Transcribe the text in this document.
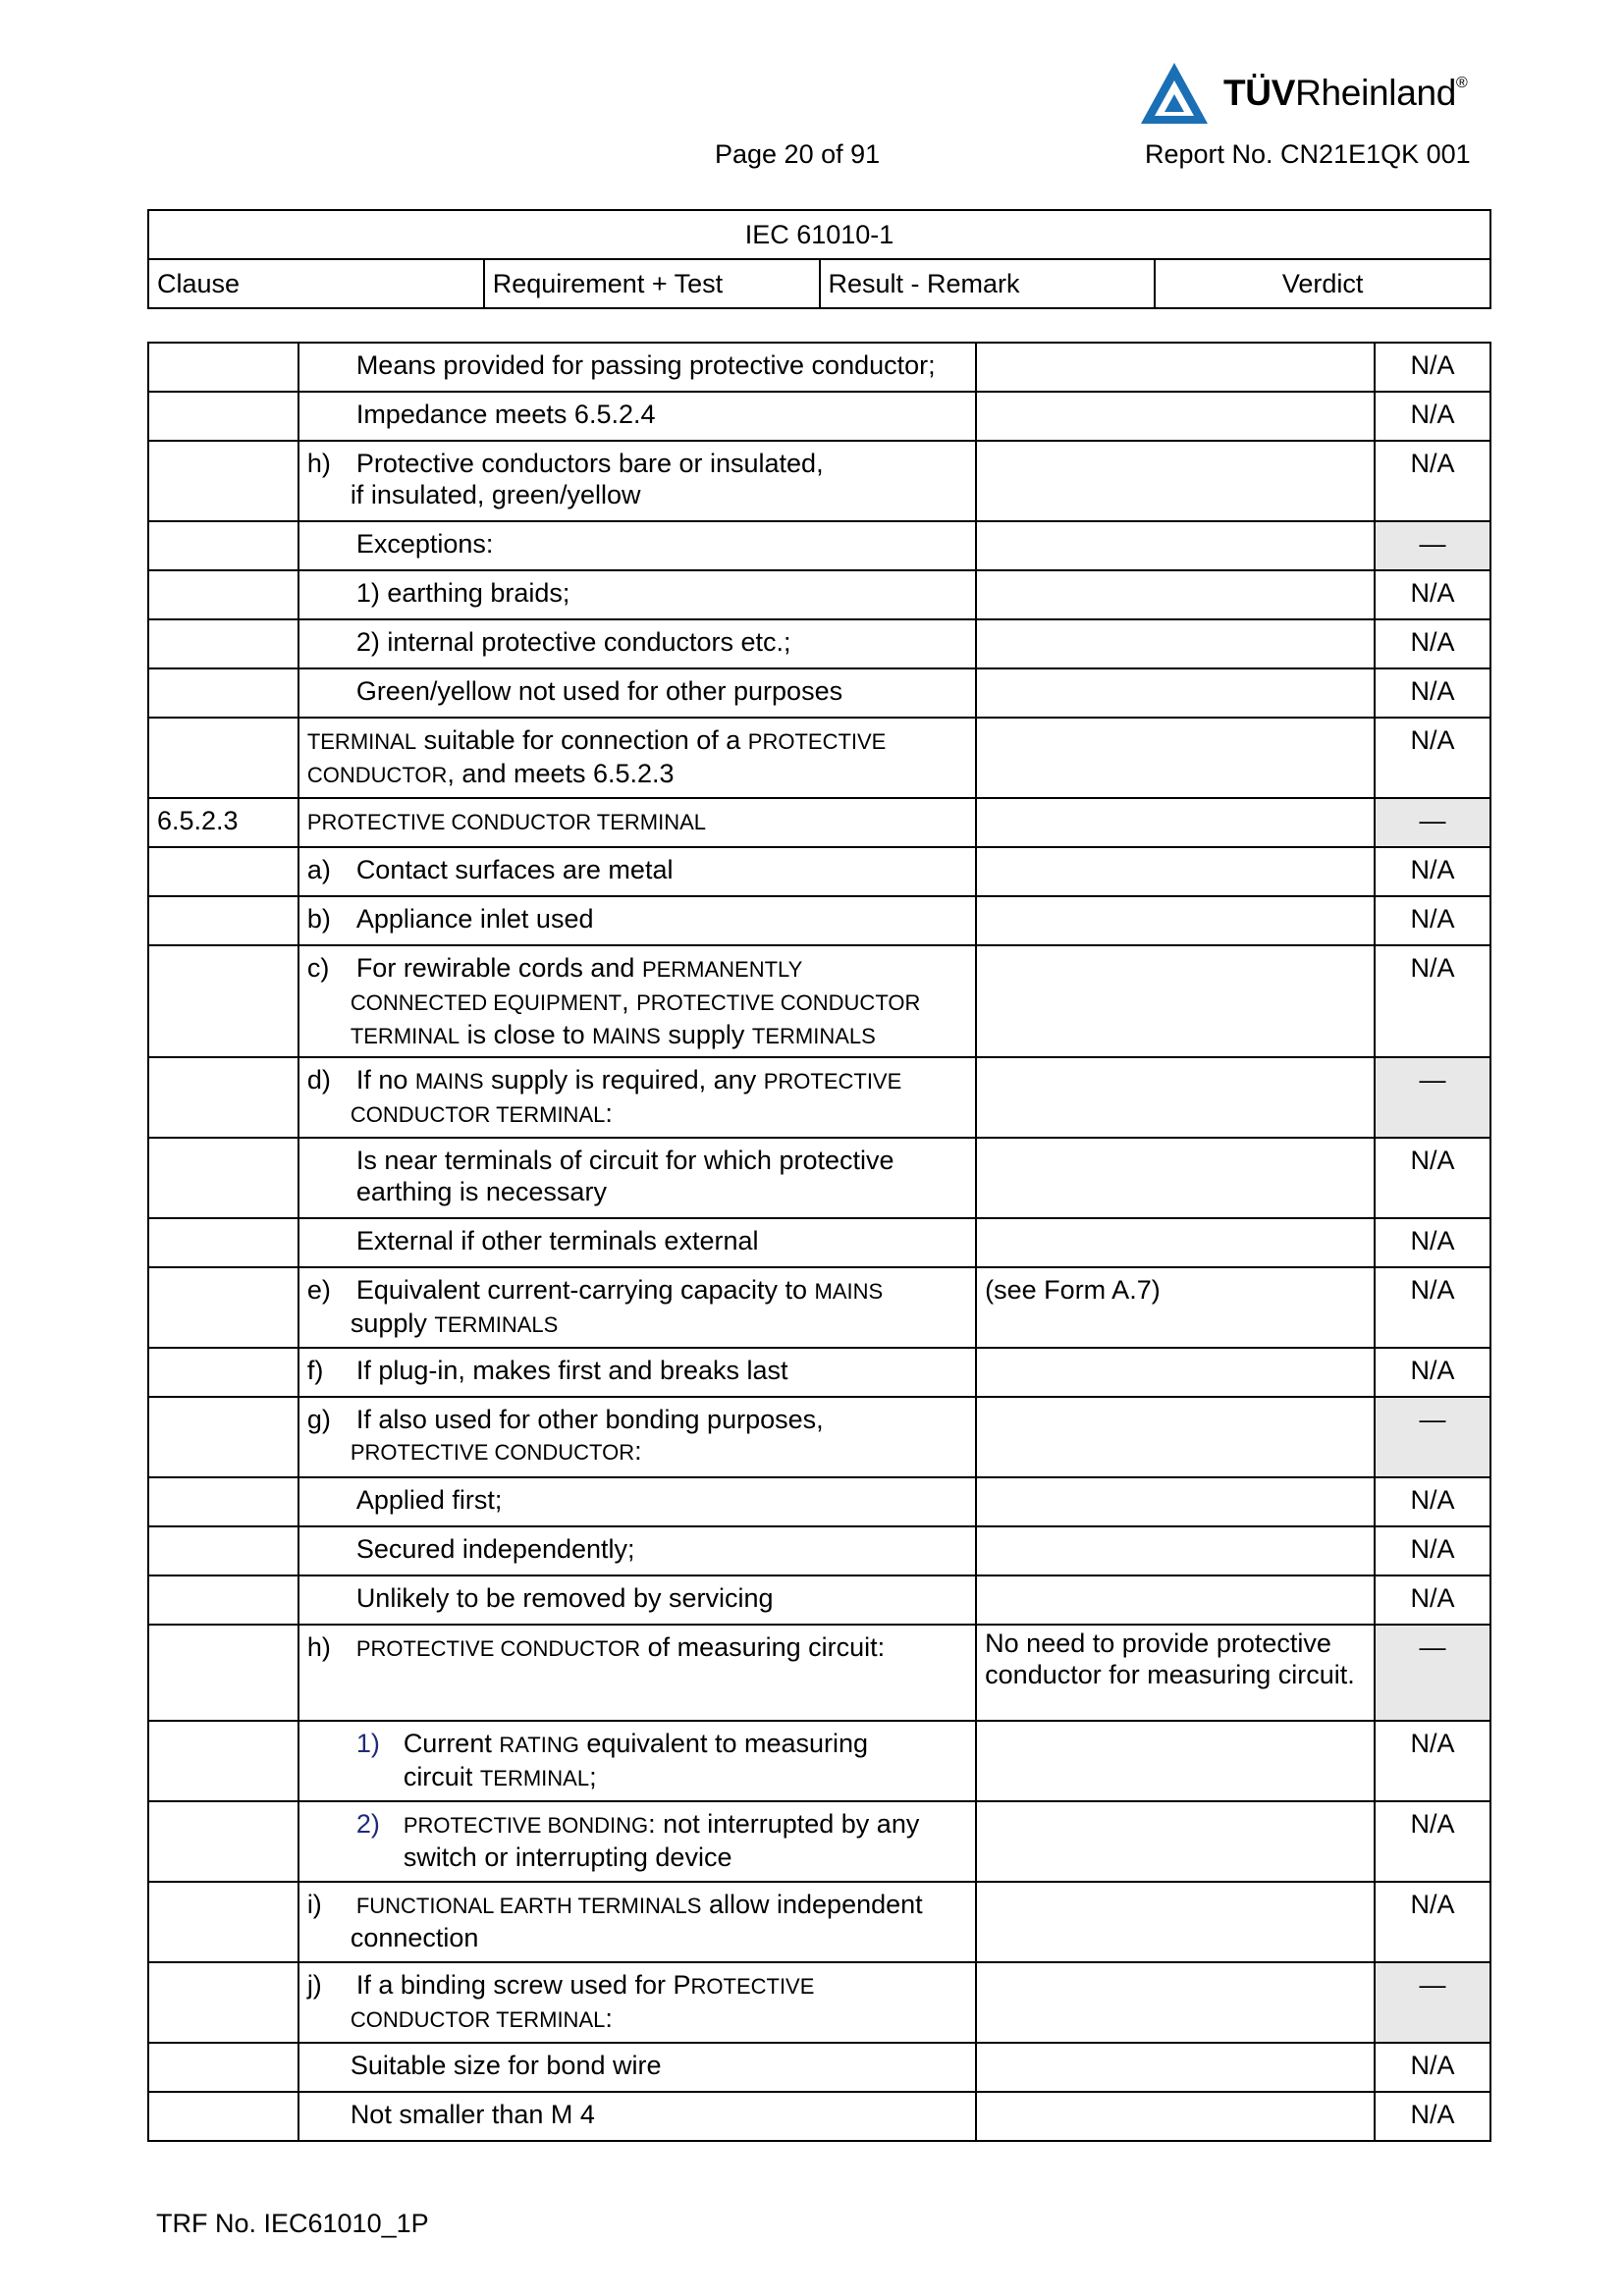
TÜVRheinland®
Page 20 of 91	Report No. CN21E1QK 001
IEC 61010-1
Clause	Requirement + Test	Result - Remark	Verdict

	Means provided for passing protective conductor;		N/A

	Impedance meets 6.5.2.4		N/A
	h) Protective conductors bare or insulated,
if insulated, green/yellow		N/A

	Exceptions:		—

	1) earthing braids;		N/A

	2) internal protective conductors etc.;		N/A

	Green/yellow not used for other purposes		N/A
	TERMINAL suitable for connection of a PROTECTIVE
CONDUCTOR, and meets 6.5.2.3		N/A
6.5.2.3	PROTECTIVE CONDUCTOR TERMINAL		—
	a) Contact surfaces are metal		N/A
	b) Appliance inlet used		N/A
	c) For rewirable cords and PERMANENTLY
CONNECTED EQUIPMENT, PROTECTIVE CONDUCTOR
TERMINAL is close to MAINS supply TERMINALS		N/A
	d) If no MAINS supply is required, any PROTECTIVE
CONDUCTOR TERMINAL:		—

	Is near terminals of circuit for which protective
earthing is necessary		N/A

	External if other terminals external		N/A
	e) Equivalent current-carrying capacity to MAINS
supply TERMINALS	(see Form A.7)	N/A
	f) If plug-in, makes first and breaks last		N/A
	g) If also used for other bonding purposes,
PROTECTIVE CONDUCTOR:		—

	Applied first;		N/A

	Secured independently;		N/A

	Unlikely to be removed by servicing		N/A
	h) PROTECTIVE CONDUCTOR of measuring circuit:	No need to provide protective conductor for measuring circuit.	—
	1) Current RATING equivalent to measuring
circuit TERMINAL;		N/A
	2) PROTECTIVE BONDING: not interrupted by any
switch or interrupting device		N/A
	i) FUNCTIONAL EARTH TERMINALS allow independent
connection		N/A
	j) If a binding screw used for PROTECTIVE
CONDUCTOR TERMINAL:		—

	Suitable size for bond wire		N/A

	Not smaller than M 4		N/A
TRF No. IEC61010_1P
